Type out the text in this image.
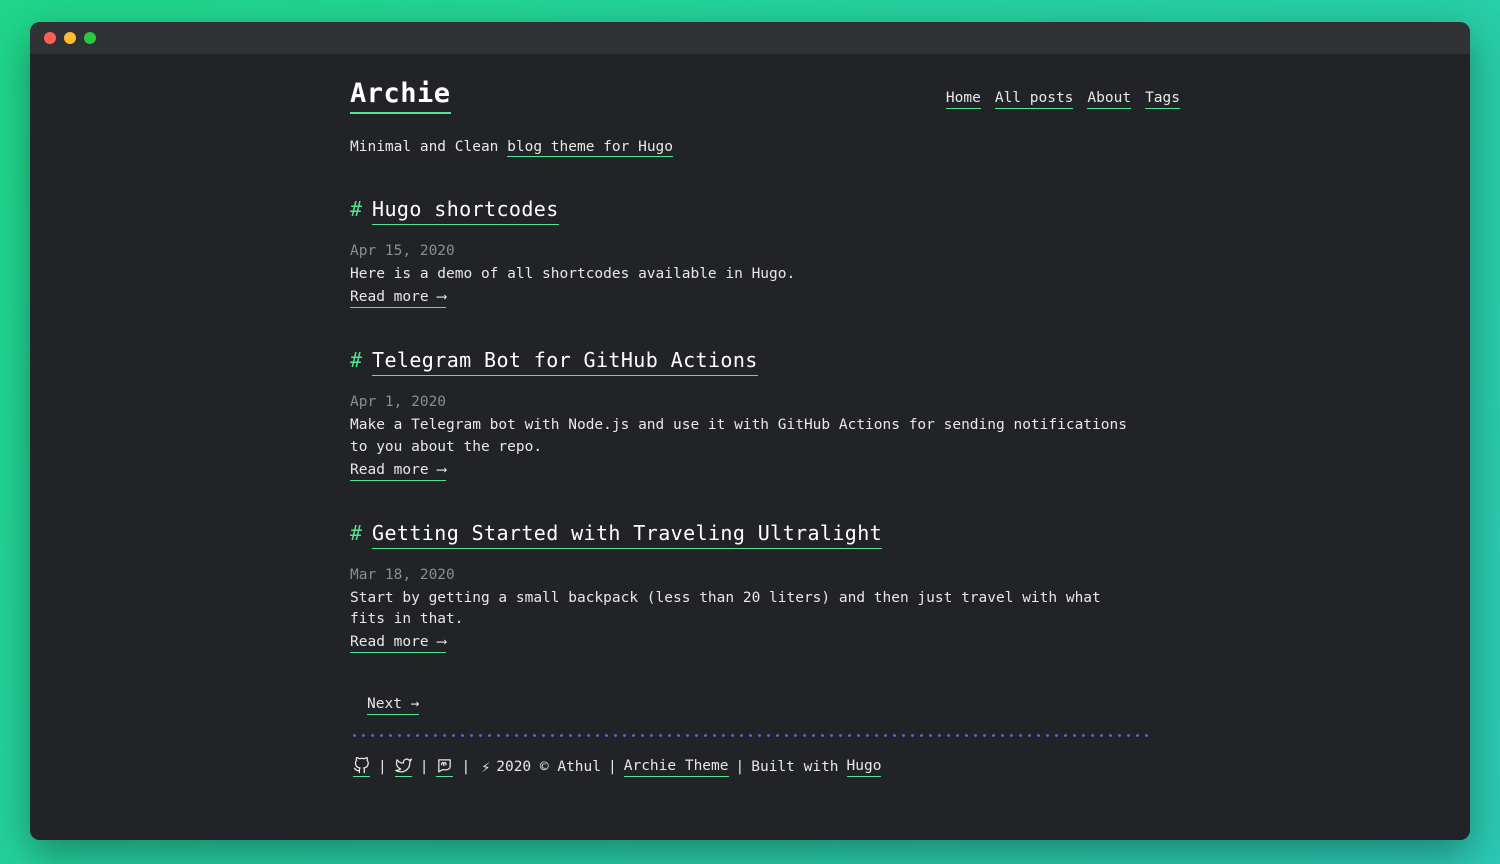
Archie	Home All posts About Tags
Minimal and Clean blog theme for Hugo
# Hugo shortcodes
Apr 15, 2020

Here is a demo of all shortcodes available in Hugo.

Read more ⟶
# Telegram Bot for GitHub Actions
Apr 1, 2020

Make a Telegram bot with Node.js and use it with GitHub Actions for sending notifications to you about the repo.

Read more ⟶
# Getting Started with Traveling Ultralight
Mar 18, 2020

Start by getting a small backpack (less than 20 liters) and then just travel with what fits in that.

Read more ⟶
Next →
| | | ⚡ 2020 © Athul | Archie Theme | Built with Hugo
